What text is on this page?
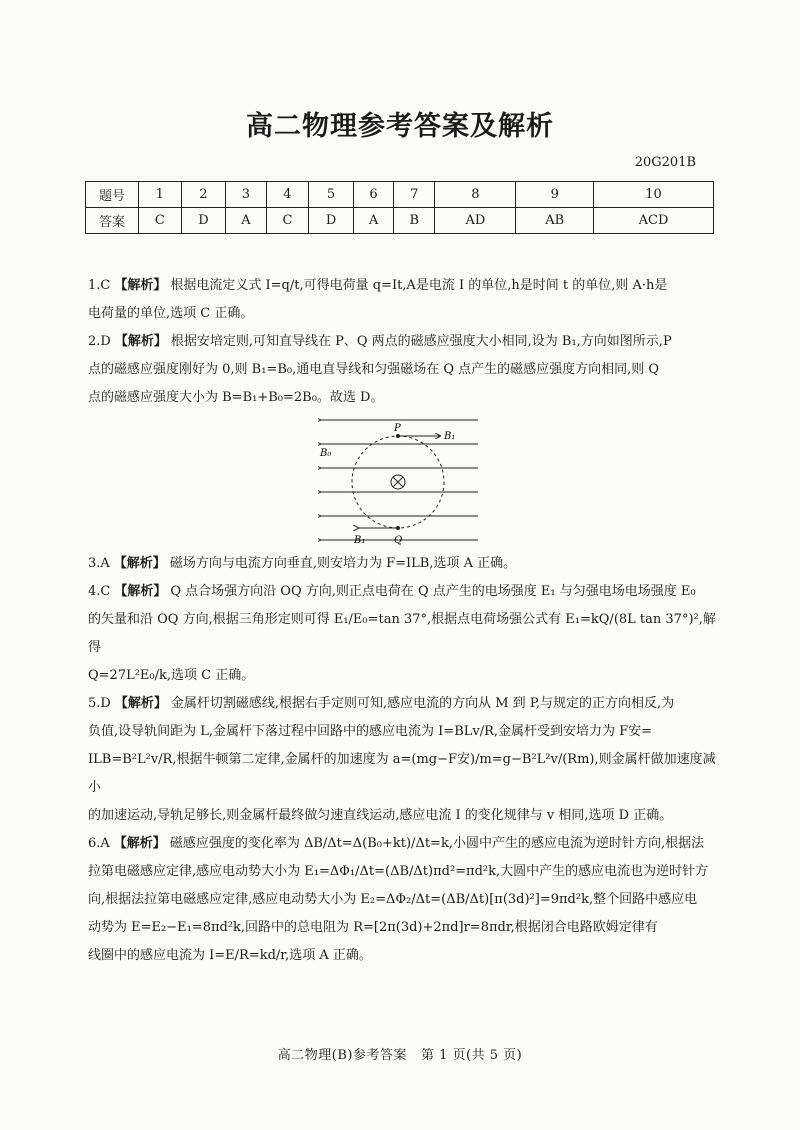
高二物理参考答案及解析
20G201B
题号	1	2	3	4	5	6	7	8	9	10
答案	C	D	A	C	D	A	B	AD	AB	ACD

1.C 【解析】 根据电流定义式 I=q/t,可得电荷量 q=It,A是电流 I 的单位,h是时间 t 的单位,则 A·h是

电荷量的单位,选项 C 正确。

2.D 【解析】 根据安培定则,可知直导线在 P、Q 两点的磁感应强度大小相同,设为 B₁,方向如图所示,P

点的磁感应强度刚好为 0,则 B₁=B₀,通电直导线和匀强磁场在 Q 点产生的磁感应强度方向相同,则 Q

点的磁感应强度大小为 B=B₁+B₀=2B₀。故选 D。

P
B₁
B₀
B₁	Q

3.A 【解析】 磁场方向与电流方向垂直,则安培力为 F=ILB,选项 A 正确。

4.C 【解析】 Q 点合场强方向沿 OQ 方向,则正点电荷在 Q 点产生的电场强度 E₁ 与匀强电场电场强度 E₀

的矢量和沿 OQ 方向,根据三角形定则可得 E₁/E₀=tan 37°,根据点电荷场强公式有 E₁=kQ/(8L tan 37°)²,解得

Q=27L²E₀/k,选项 C 正确。

5.D 【解析】 金属杆切割磁感线,根据右手定则可知,感应电流的方向从 M 到 P,与规定的正方向相反,为

负值,设导轨间距为 L,金属杆下落过程中回路中的感应电流为 I=BLv/R,金属杆受到安培力为 F安=

ILB=B²L²v/R,根据牛顿第二定律,金属杆的加速度为 a=(mg−F安)/m=g−B²L²v/(Rm),则金属杆做加速度减小

的加速运动,导轨足够长,则金属杆最终做匀速直线运动,感应电流 I 的变化规律与 v 相同,选项 D 正确。

6.A 【解析】 磁感应强度的变化率为 ΔB/Δt=Δ(B₀+kt)/Δt=k,小圆中产生的感应电流为逆时针方向,根据法

拉第电磁感应定律,感应电动势大小为 E₁=ΔΦ₁/Δt=(ΔB/Δt)πd²=πd²k,大圆中产生的感应电流也为逆时针方

向,根据法拉第电磁感应定律,感应电动势大小为 E₂=ΔΦ₂/Δt=(ΔB/Δt)[π(3d)²]=9πd²k,整个回路中感应电

动势为 E=E₂−E₁=8πd²k,回路中的总电阻为 R=[2π(3d)+2πd]r=8πdr,根据闭合电路欧姆定律有

线圈中的感应电流为 I=E/R=kd/r,选项 A 正确。

高二物理(B)参考答案 第 1 页(共 5 页)
